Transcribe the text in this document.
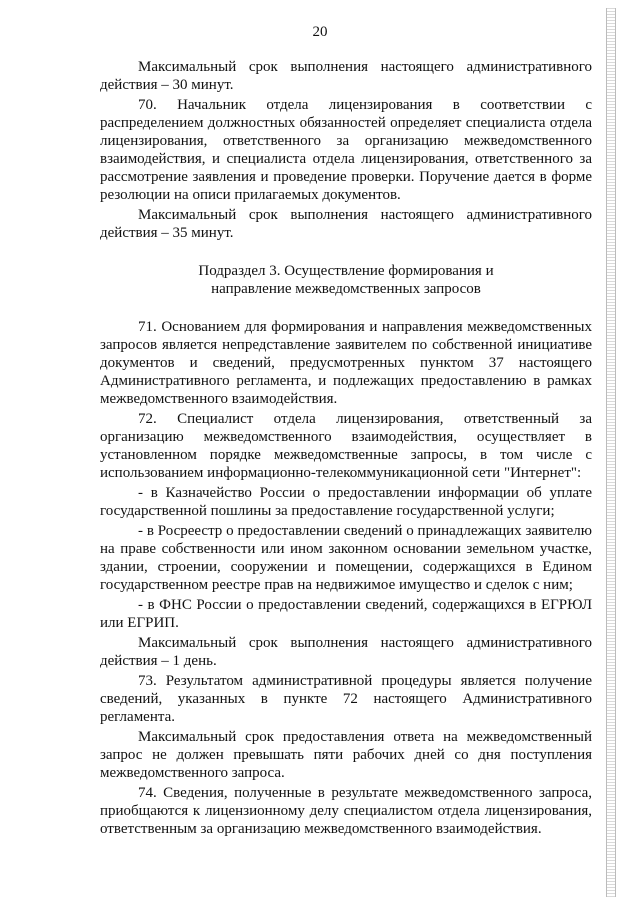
20

Максимальный срок выполнения настоящего административного действия – 30 минут.

70. Начальник отдела лицензирования в соответствии с распределением должностных обязанностей определяет специалиста отдела лицензирования, ответственного за организацию межведомственного взаимодействия, и специалиста отдела лицензирования, ответственного за рассмотрение заявления и проведение проверки. Поручение дается в форме резолюции на описи прилагаемых документов.

Максимальный срок выполнения настоящего административного действия – 35 минут.

Подраздел 3. Осуществление формирования и
направление межведомственных запросов

71. Основанием для формирования и направления межведомственных запросов является непредставление заявителем по собственной инициативе документов и сведений, предусмотренных пунктом 37 настоящего Административного регламента, и подлежащих предоставлению в рамках межведомственного взаимодействия.

72. Специалист отдела лицензирования, ответственный за организацию межведомственного взаимодействия, осуществляет в установленном порядке межведомственные запросы, в том числе с использованием информационно-телекоммуникационной сети "Интернет":

- в Казначейство России о предоставлении информации об уплате государственной пошлины за предоставление государственной услуги;

- в Росреестр о предоставлении сведений о принадлежащих заявителю на праве собственности или ином законном основании земельном участке, здании, строении, сооружении и помещении, содержащихся в Едином государственном реестре прав на недвижимое имущество и сделок с ним;

- в ФНС России о предоставлении сведений, содержащихся в ЕГРЮЛ или ЕГРИП.

Максимальный срок выполнения настоящего административного действия – 1 день.

73. Результатом административной процедуры является получение сведений, указанных в пункте 72 настоящего Административного регламента.

Максимальный срок предоставления ответа на межведомственный запрос не должен превышать пяти рабочих дней со дня поступления межведомственного запроса.

74. Сведения, полученные в результате межведомственного запроса, приобщаются к лицензионному делу специалистом отдела лицензирования, ответственным за организацию межведомственного взаимодействия.
